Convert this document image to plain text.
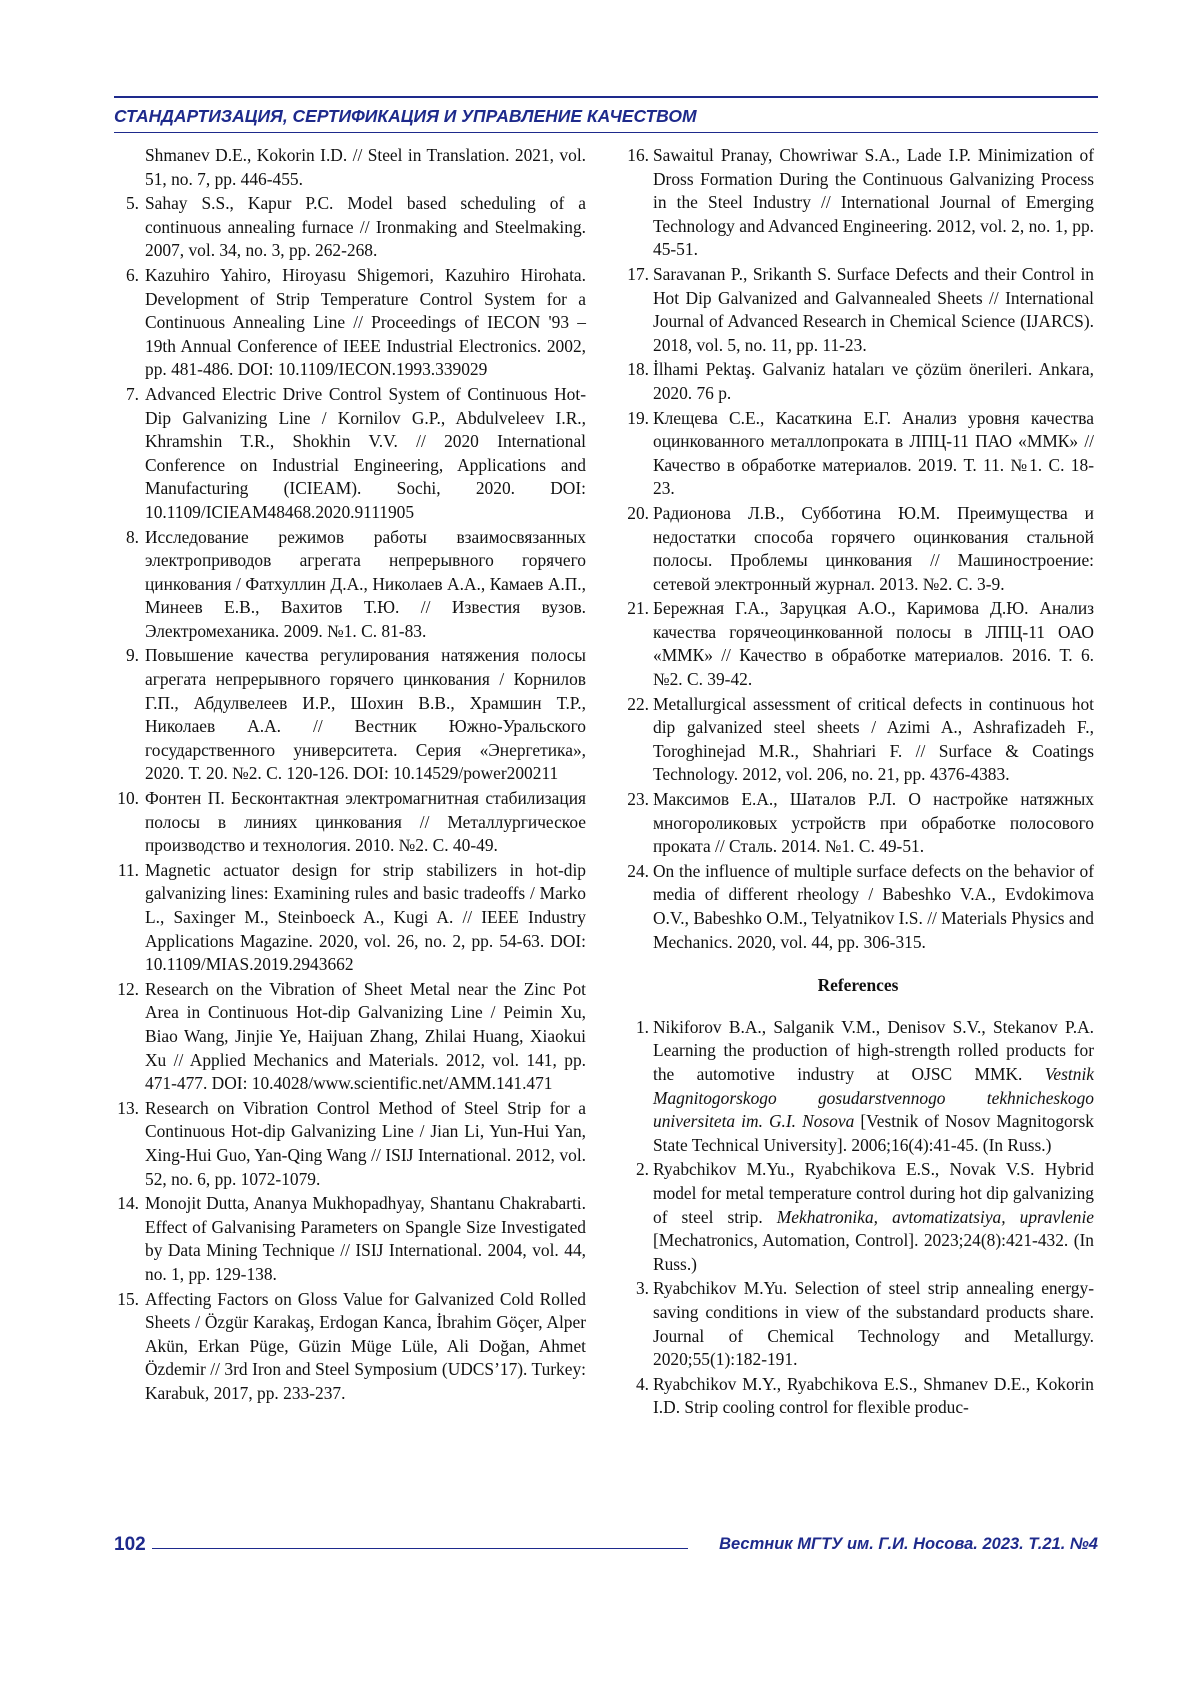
СТАНДАРТИЗАЦИЯ, СЕРТИФИКАЦИЯ И УПРАВЛЕНИЕ КАЧЕСТВОМ

Shmanev D.E., Kokorin I.D. // Steel in Translation. 2021, vol. 51, no. 7, pp. 446-455.

5. Sahay S.S., Kapur P.C. Model based scheduling of a continuous annealing furnace // Ironmaking and Steelmaking. 2007, vol. 34, no. 3, pp. 262-268.

6. Kazuhiro Yahiro, Hiroyasu Shigemori, Kazuhiro Hirohata. Development of Strip Temperature Control System for a Continuous Annealing Line // Proceedings of IECON '93 – 19th Annual Conference of IEEE Industrial Electronics. 2002, pp. 481-486. DOI: 10.1109/IECON.1993.339029

7. Advanced Electric Drive Control System of Continuous Hot-Dip Galvanizing Line / Kornilov G.P., Abdulveleev I.R., Khramshin T.R., Shokhin V.V. // 2020 International Conference on Industrial Engineering, Applications and Manufacturing (ICIEAM). Sochi, 2020. DOI: 10.1109/ICIEAM48468.2020.9111905

8. Исследование режимов работы взаимосвязанных электроприводов агрегата непрерывного горячего цинкования / Фатхуллин Д.А., Николаев А.А., Камаев А.П., Минеев Е.В., Вахитов Т.Ю. // Известия вузов. Электромеханика. 2009. №1. С. 81-83.

9. Повышение качества регулирования натяжения полосы агрегата непрерывного горячего цинкования / Корнилов Г.П., Абдулвелеев И.Р., Шохин В.В., Храмшин Т.Р., Николаев А.А. // Вестник Южно-Уральского государственного университета. Серия «Энергетика», 2020. Т. 20. №2. С. 120-126. DOI: 10.14529/power200211

10. Фонтен П. Бесконтактная электромагнитная стабилизация полосы в линиях цинкования // Металлургическое производство и технология. 2010. №2. С. 40-49.

11. Magnetic actuator design for strip stabilizers in hot-dip galvanizing lines: Examining rules and basic tradeoffs / Marko L., Saxinger M., Steinboeck A., Kugi A. // IEEE Industry Applications Magazine. 2020, vol. 26, no. 2, pp. 54-63. DOI: 10.1109/MIAS.2019.2943662

12. Research on the Vibration of Sheet Metal near the Zinc Pot Area in Continuous Hot-dip Galvanizing Line / Peimin Xu, Biao Wang, Jinjie Ye, Haijuan Zhang, Zhilai Huang, Xiaokui Xu // Applied Mechanics and Materials. 2012, vol. 141, pp. 471-477. DOI: 10.4028/www.scientific.net/AMM.141.471

13. Research on Vibration Control Method of Steel Strip for a Continuous Hot-dip Galvanizing Line / Jian Li, Yun-Hui Yan, Xing-Hui Guo, Yan-Qing Wang // ISIJ International. 2012, vol. 52, no. 6, pp. 1072-1079.

14. Monojit Dutta, Ananya Mukhopadhyay, Shantanu Chakrabarti. Effect of Galvanising Parameters on Spangle Size Investigated by Data Mining Technique // ISIJ International. 2004, vol. 44, no. 1, pp. 129-138.

15. Affecting Factors on Gloss Value for Galvanized Cold Rolled Sheets / Özgür Karakaş, Erdogan Kanca, İbrahim Göçer, Alper Akün, Erkan Püge, Güzin Müge Lüle, Ali Doğan, Ahmet Özdemir // 3rd Iron and Steel Symposium (UDCS’17). Turkey: Karabuk, 2017, pp. 233-237.

16. Sawaitul Pranay, Chowriwar S.A., Lade I.P. Minimization of Dross Formation During the Continuous Galvanizing Process in the Steel Industry // International Journal of Emerging Technology and Advanced Engineering. 2012, vol. 2, no. 1, pp. 45-51.

17. Saravanan P., Srikanth S. Surface Defects and their Control in Hot Dip Galvanized and Galvannealed Sheets // International Journal of Advanced Research in Chemical Science (IJARCS). 2018, vol. 5, no. 11, pp. 11-23.

18. İlhami Pektaş. Galvaniz hataları ve çözüm önerileri. Ankara, 2020. 76 p.

19. Клещева С.Е., Касаткина Е.Г. Анализ уровня качества оцинкованного металлопроката в ЛПЦ-11 ПАО «ММК» // Качество в обработке материалов. 2019. Т. 11. №1. С. 18-23.

20. Радионова Л.В., Субботина Ю.М. Преимущества и недостатки способа горячего оцинкования стальной полосы. Проблемы цинкования // Машиностроение: сетевой электронный журнал. 2013. №2. С. 3-9.

21. Бережная Г.А., Заруцкая А.О., Каримова Д.Ю. Анализ качества горячеоцинкованной полосы в ЛПЦ-11 ОАО «ММК» // Качество в обработке материалов. 2016. Т. 6. №2. С. 39-42.

22. Metallurgical assessment of critical defects in continuous hot dip galvanized steel sheets / Azimi A., Ashrafizadeh F., Toroghinejad M.R., Shahriari F. // Surface & Coatings Technology. 2012, vol. 206, no. 21, pp. 4376-4383.

23. Максимов Е.А., Шаталов Р.Л. О настройке натяжных многороликовых устройств при обработке полосового проката // Сталь. 2014. №1. С. 49-51.

24. On the influence of multiple surface defects on the behavior of media of different rheology / Babeshko V.A., Evdokimova O.V., Babeshko O.M., Telyatnikov I.S. // Materials Physics and Mechanics. 2020, vol. 44, pp. 306-315.

References

1. Nikiforov B.A., Salganik V.M., Denisov S.V., Stekanov P.A. Learning the production of high-strength rolled products for the automotive industry at OJSC MMK. Vestnik Magnitogorskogo gosudarstvennogo tekhnicheskogo universiteta im. G.I. Nosova [Vestnik of Nosov Magnitogorsk State Technical University]. 2006;16(4):41-45. (In Russ.)

2. Ryabchikov M.Yu., Ryabchikova E.S., Novak V.S. Hybrid model for metal temperature control during hot dip galvanizing of steel strip. Mekhatronika, avtomatizatsiya, upravlenie [Mechatronics, Automation, Control]. 2023;24(8):421-432. (In Russ.)

3. Ryabchikov M.Yu. Selection of steel strip annealing energy-saving conditions in view of the substandard products share. Journal of Chemical Technology and Metallurgy. 2020;55(1):182-191.

4. Ryabchikov M.Y., Ryabchikova E.S., Shmanev D.E., Kokorin I.D. Strip cooling control for flexible produc-

102	Вестник МГТУ им. Г.И. Носова. 2023. Т.21. №4
